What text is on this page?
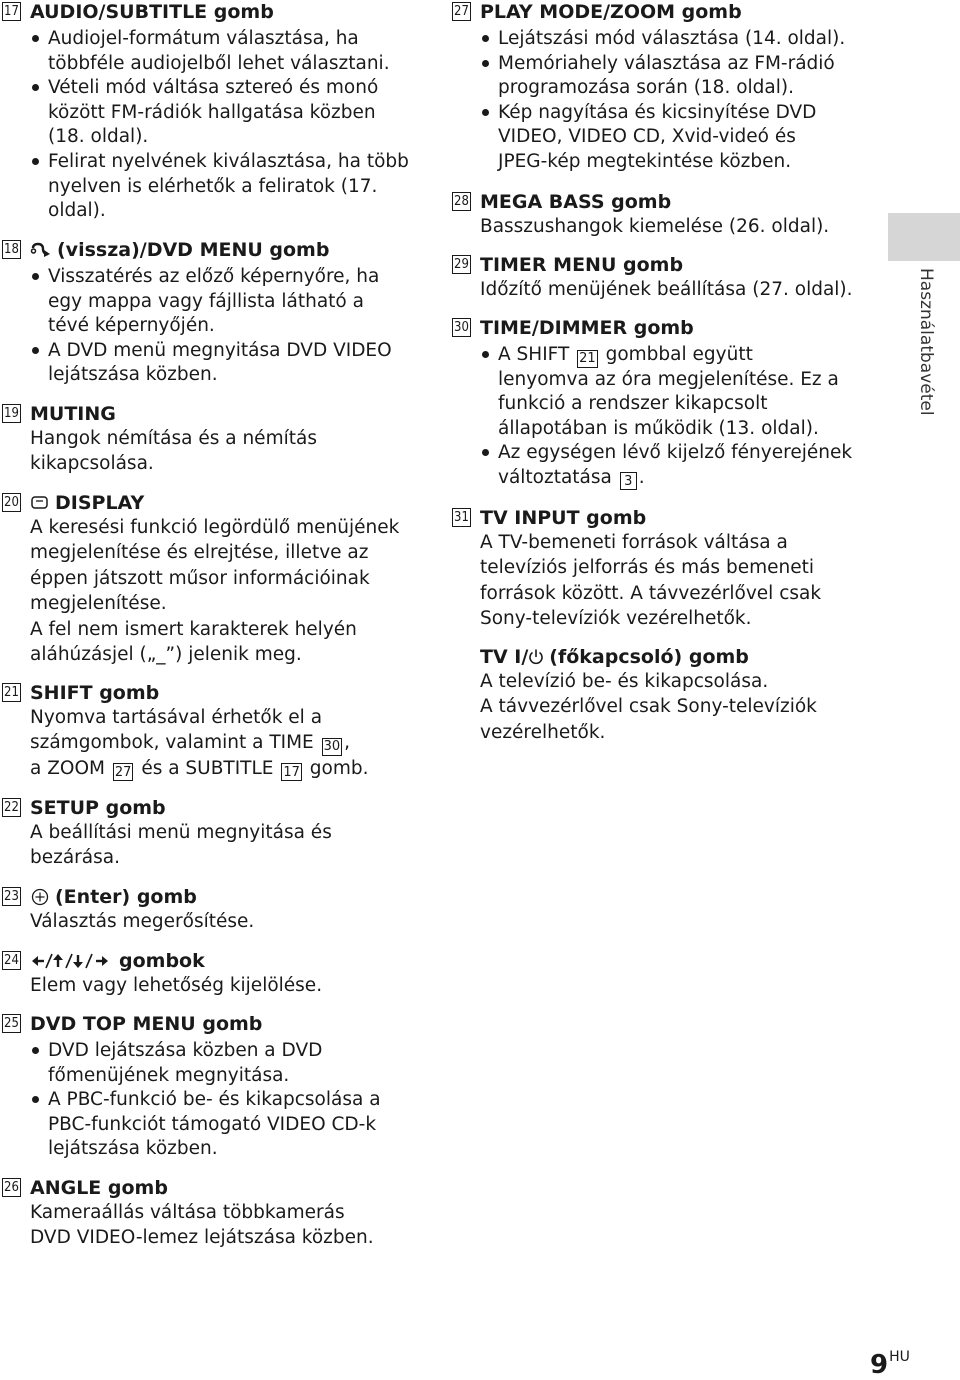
17 AUDIO/SUBTITLE gomb
Audiojel-formátum választása, ha többféle audiojelből lehet választani.
Vételi mód váltása sztereó és monó között FM-rádiók hallgatása közben (18. oldal).
Felirat nyelvének kiválasztása, ha több nyelven is elérhetők a feliratok (17. oldal).
18 (vissza)/DVD MENU gomb
Visszatérés az előző képernyőre, ha egy mappa vagy fájllista látható a tévé képernyőjén.
A DVD menü megnyitása DVD VIDEO lejátszása közben.
19 MUTING
Hangok némítása és a némítás kikapcsolása.
20 DISPLAY
A keresési funkció legördülő menüjének megjelenítése és elrejtése, illetve az éppen játszott műsor információinak megjelenítése.
A fel nem ismert karakterek helyén aláhúzásjel („_”) jelenik meg.
21 SHIFT gomb
Nyomva tartásával érhetők el a számgombok, valamint a TIME 30 ,
a ZOOM 27 és a SUBTITLE 17 gomb.
22 SETUP gomb
A beállítási menü megnyitása és bezárása.
23 (Enter) gomb
Választás megerősítése.
24	gombok
Elem vagy lehetőség kijelölése.
25 DVD TOP MENU gomb
DVD lejátszása közben a DVD főmenüjének megnyitása.
A PBC-funkció be- és kikapcsolása a PBC-funkciót támogató VIDEO CD-k lejátszása közben.
26 ANGLE gomb
Kameraállás váltása többkamerás DVD VIDEO-lemez lejátszása közben.
27 PLAY MODE/ZOOM gomb
Lejátszási mód választása (14. oldal).
Memóriahely választása az FM-rádió programozása során (18. oldal).
Kép nagyítása és kicsinyítése DVD VIDEO, VIDEO CD, Xvid-videó és JPEG-kép megtekintése közben.
28 MEGA BASS gomb
Basszushangok kiemelése (26. oldal).
29 TIMER MENU gomb
Időzítő menüjének beállítása (27. oldal).
30 TIME/DIMMER gomb
A SHIFT 21 gombbal együtt lenyomva az óra megjelenítése. Ez a funkció a rendszer kikapcsolt állapotában is működik (13. oldal).
Az egységen lévő kijelző fényerejének változtatása 3 .
31 TV INPUT gomb
A TV-bemeneti források váltása a televíziós jelforrás és más bemeneti források között. A távvezérlővel csak Sony-televíziók vezérelhetők.
TV I/ (főkapcsoló) gomb
A televízió be- és kikapcsolása.
A távvezérlővel csak Sony-televíziók vezérelhetők.
Használatbavétel
$9^{HU}$
